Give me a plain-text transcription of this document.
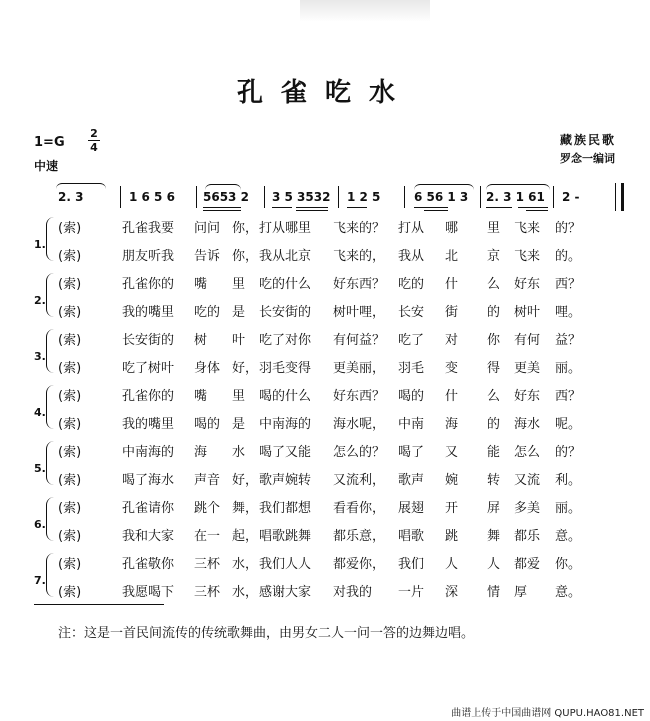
孔雀吃水
1=G
2
4
中速
藏族民歌
罗念一编词
2. 3	1 6 5 6 5653 2 3 5 3532 1 2 5	6 56 1 3 2. 3 1 61 2 -
1.
(索)	孔雀我要 问问 你， 打从哪里 飞来的？ 打从 哪 里 飞来 的？
(索)	朋友听我 告诉 你， 我从北京 飞来的， 我从 北 京 飞来 的。
2.
(索)	孔雀你的 嘴 里 吃的什么 好东西？ 吃的 什 么 好东 西？
(索)	我的嘴里 吃的 是 长安街的 树叶哩， 长安 街 的 树叶 哩。
3.
(索)	长安街的 树 叶 吃了对你 有何益？ 吃了 对 你 有何 益？
(索)	吃了树叶 身体 好， 羽毛变得 更美丽， 羽毛 变 得 更美 丽。
4.
(索)	孔雀你的 嘴 里 喝的什么 好东西？ 喝的 什 么 好东 西？
(索)	我的嘴里 喝的 是 中南海的 海水呢， 中南 海 的 海水 呢。
5.
(索)	中南海的 海 水 喝了又能 怎么的？ 喝了 又 能 怎么 的？
(索)	喝了海水 声音 好， 歌声婉转 又流利， 歌声 婉 转 又流 利。
6.
(索)	孔雀请你 跳个 舞， 我们都想 看看你， 展翅 开 屏 多美 丽。
(索)	我和大家 在一 起， 唱歌跳舞 都乐意， 唱歌 跳 舞 都乐 意。
7.
(索)	孔雀敬你 三杯 水， 我们人人 都爱你， 我们 人 人 都爱 你。
(索)	我愿喝下 三杯 水， 感谢大家 对我的 一片 深 情 厚 意。
注：这是一首民间流传的传统歌舞曲，由男女二人一问一答的边舞边唱。
曲谱上传于中国曲谱网 QUPU.HAO81.NET
